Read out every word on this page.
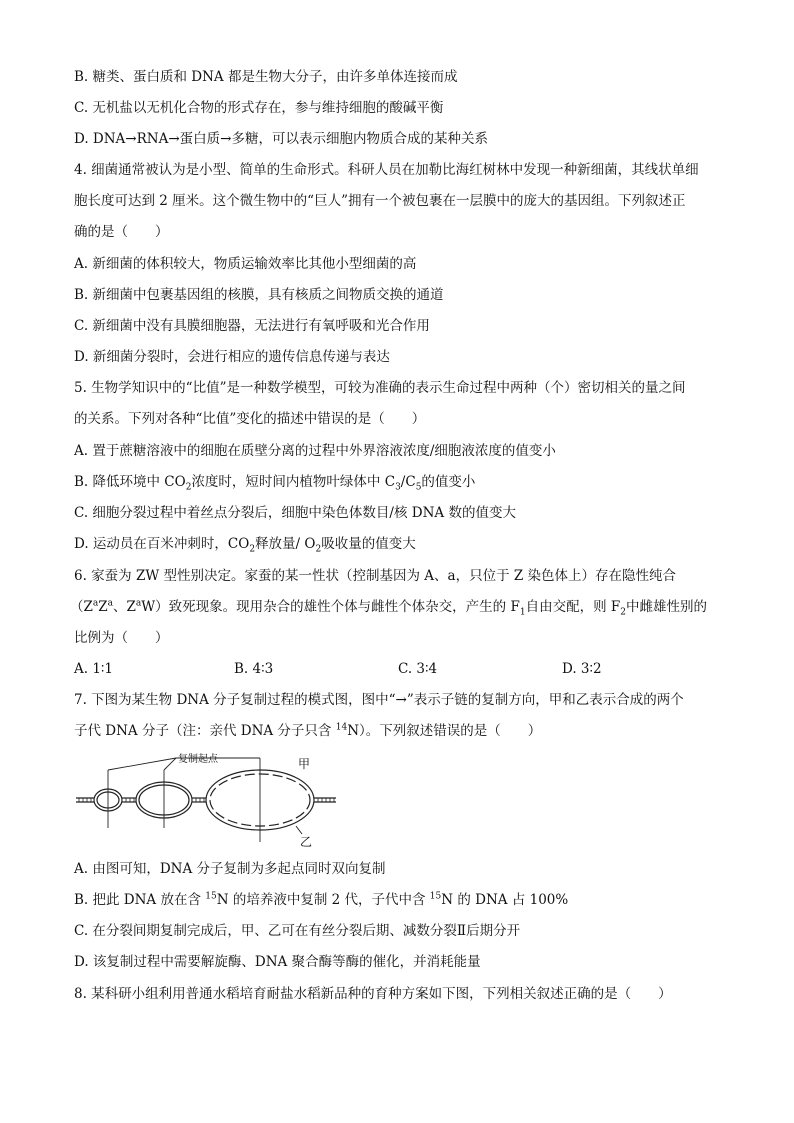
B. 糖类、蛋白质和 DNA 都是生物大分子，由许多单体连接而成
C. 无机盐以无机化合物的形式存在，参与维持细胞的酸碱平衡
D. DNA→RNA→蛋白质→多糖，可以表示细胞内物质合成的某种关系
4. 细菌通常被认为是小型、简单的生命形式。科研人员在加勒比海红树林中发现一种新细菌，其线状单细
胞长度可达到 2 厘米。这个微生物中的“巨人”拥有一个被包裹在一层膜中的庞大的基因组。下列叙述正
确的是（　　）
A. 新细菌的体积较大，物质运输效率比其他小型细菌的高
B. 新细菌中包裹基因组的核膜，具有核质之间物质交换的通道
C. 新细菌中没有具膜细胞器，无法进行有氧呼吸和光合作用
D. 新细菌分裂时，会进行相应的遗传信息传递与表达
5. 生物学知识中的“比值”是一种数学模型，可较为准确的表示生命过程中两种（个）密切相关的量之间
的关系。下列对各种“比值”变化的描述中错误的是（　　）
A. 置于蔗糖溶液中的细胞在质壁分离的过程中外界溶液浓度/细胞液浓度的值变小
B. 降低环境中 $CO_2$浓度时，短时间内植物叶绿体中 $C_3/C_5$的值变小
C. 细胞分裂过程中着丝点分裂后，细胞中染色体数目/核 DNA 数的值变大
D. 运动员在百米冲刺时，$CO_2$释放量/ $O_2$吸收量的值变大
6. 家蚕为 ZW 型性别决定。家蚕的某一性状（控制基因为 A、a，只位于 Z 染色体上）存在隐性纯合
（$Z^aZ^a$、$Z^aW$）致死现象。现用杂合的雄性个体与雌性个体杂交，产生的 $F_1$自由交配，则 $F_2$中雌雄性别的
比例为（　　）
A. 1∶1	B. 4∶3	C. 3∶4	D. 3∶2
7. 下图为某生物 DNA 分子复制过程的模式图，图中“→”表示子链的复制方向，甲和乙表示合成的两个
子代 DNA 分子（注：亲代 DNA 分子只含 $^{14}$N）。下列叙述错误的是（　　）
复制起点	甲
乙
A. 由图可知，DNA 分子复制为多起点同时双向复制
B. 把此 DNA 放在含 $^{15}$N 的培养液中复制 2 代，子代中含 $^{15}$N 的 DNA 占 100%
C. 在分裂间期复制完成后，甲、乙可在有丝分裂后期、减数分裂Ⅱ后期分开
D. 该复制过程中需要解旋酶、DNA 聚合酶等酶的催化，并消耗能量
8. 某科研小组利用普通水稻培育耐盐水稻新品种的育种方案如下图，下列相关叙述正确的是（　　）
